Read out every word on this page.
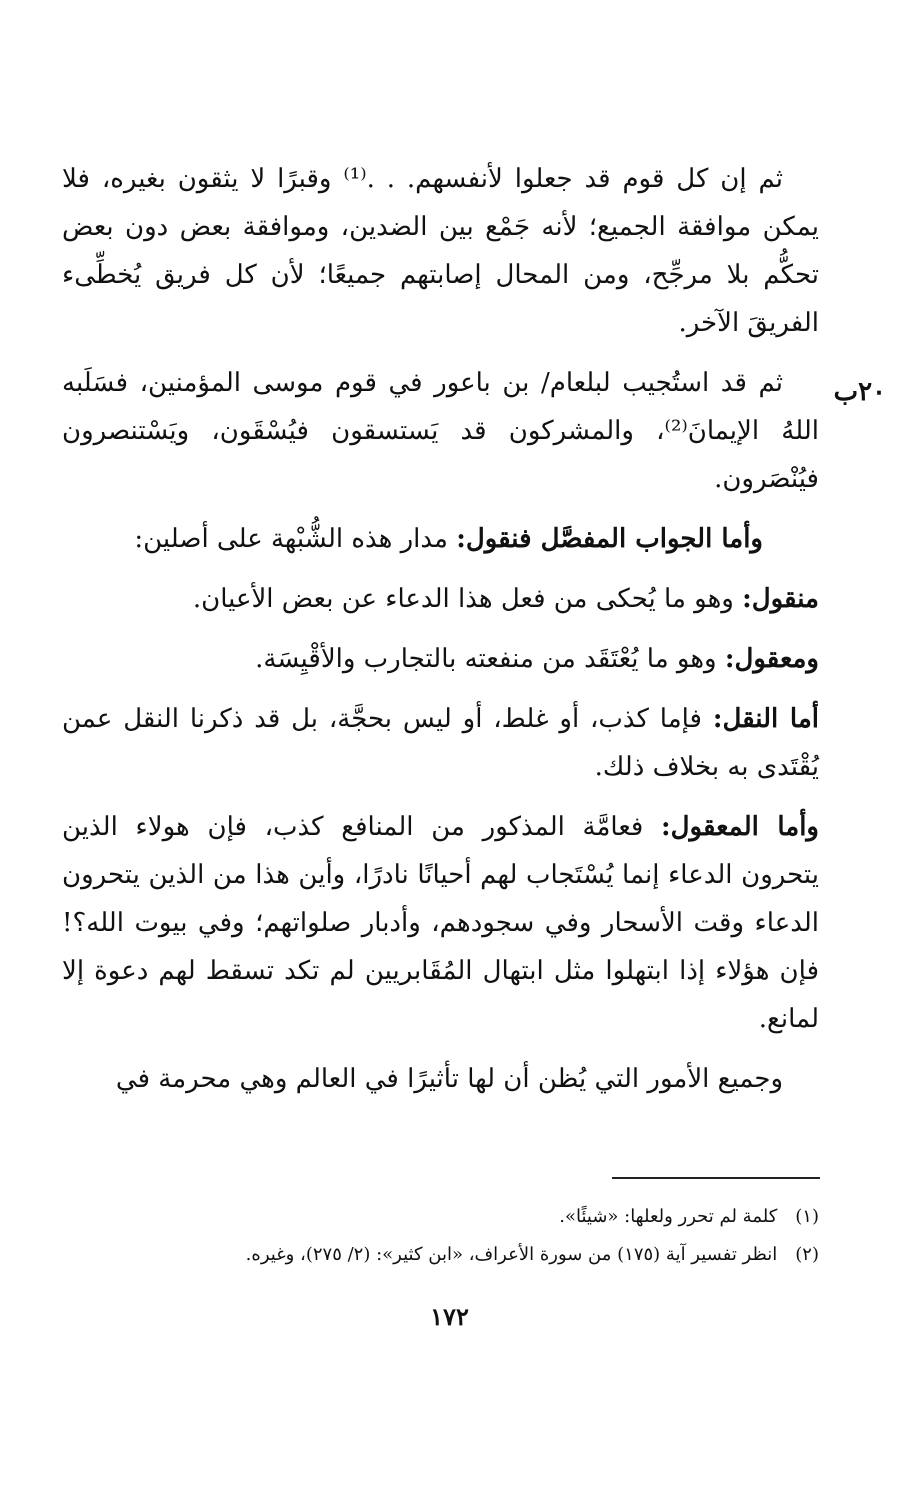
٢٠ب

ثم إن كل قوم قد جعلوا لأنفسهم. . .⁽¹⁾ وقبرًا لا يثقون بغيره، فلا يمكن موافقة الجميع؛ لأنه جَمْع بين الضدين، وموافقة بعض دون بعض تحكُّم بلا مرجِّح، ومن المحال إصابتهم جميعًا؛ لأن كل فريق يُخطِّىء الفريقَ الآخر.

ثم قد استُجيب لبلعام/ بن باعور في قوم موسى المؤمنين، فسَلَبه اللهُ الإيمانَ⁽²⁾، والمشركون قد يَستسقون فيُسْقَون، ويَسْتنصرون فيُنْصَرون.

وأما الجواب المفصَّل فنقول: مدار هذه الشُّبْهة على أصلين:

منقول: وهو ما يُحكى من فعل هذا الدعاء عن بعض الأعيان.

ومعقول: وهو ما يُعْتَقَد من منفعته بالتجارب والأقْيِسَة.

أما النقل: فإما كذب، أو غلط، أو ليس بحجَّة، بل قد ذكرنا النقل عمن يُقْتَدى به بخلاف ذلك.

وأما المعقول: فعامَّة المذكور من المنافع كذب، فإن هولاء الذين يتحرون الدعاء إنما يُسْتَجاب لهم أحيانًا نادرًا، وأين هذا من الذين يتحرون الدعاء وقت الأسحار وفي سجودهم، وأدبار صلواتهم؛ وفي بيوت الله؟! فإن هؤلاء إذا ابتهلوا مثل ابتهال المُقَابريين لم تكد تسقط لهم دعوة إلا لمانع.

وجميع الأمور التي يُظن أن لها تأثيرًا في العالم وهي محرمة في

(١) كلمة لم تحرر ولعلها: «شيئًا».

(٢) انظر تفسير آية (١٧٥) من سورة الأعراف، «ابن كثير»: (٢/ ٢٧٥)، وغيره.

١٧٢
